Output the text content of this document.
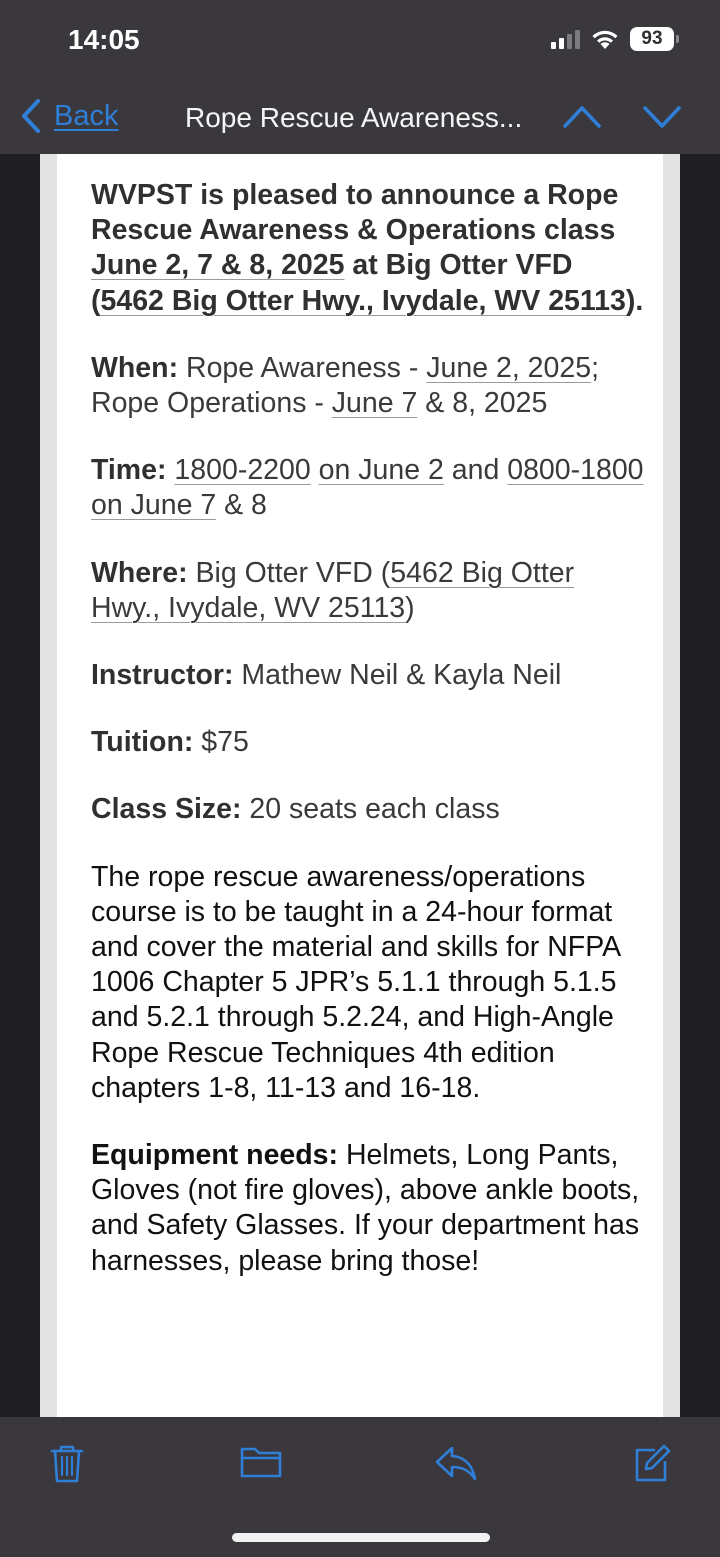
14:05	93
Back Rope Rescue Awareness...

WVPST is pleased to announce a Rope Rescue Awareness & Operations class June 2, 7 & 8, 2025 at Big Otter VFD (5462 Big Otter Hwy., Ivydale, WV 25113).

When: Rope Awareness - June 2, 2025; Rope Operations - June 7 & 8, 2025

Time: 1800-2200 on June 2 and 0800-1800 on June 7 & 8

Where: Big Otter VFD (5462 Big Otter Hwy., Ivydale, WV 25113)

Instructor: Mathew Neil & Kayla Neil

Tuition: $75

Class Size: 20 seats each class

The rope rescue awareness/operations course is to be taught in a 24-hour format and cover the material and skills for NFPA 1006 Chapter 5 JPR’s 5.1.1 through 5.1.5 and 5.2.1 through 5.2.24, and High-Angle Rope Rescue Techniques 4th edition chapters 1-8, 11-13 and 16-18.

Equipment needs: Helmets, Long Pants, Gloves (not fire gloves), above ankle boots, and Safety Glasses. If your department has harnesses, please bring those!
